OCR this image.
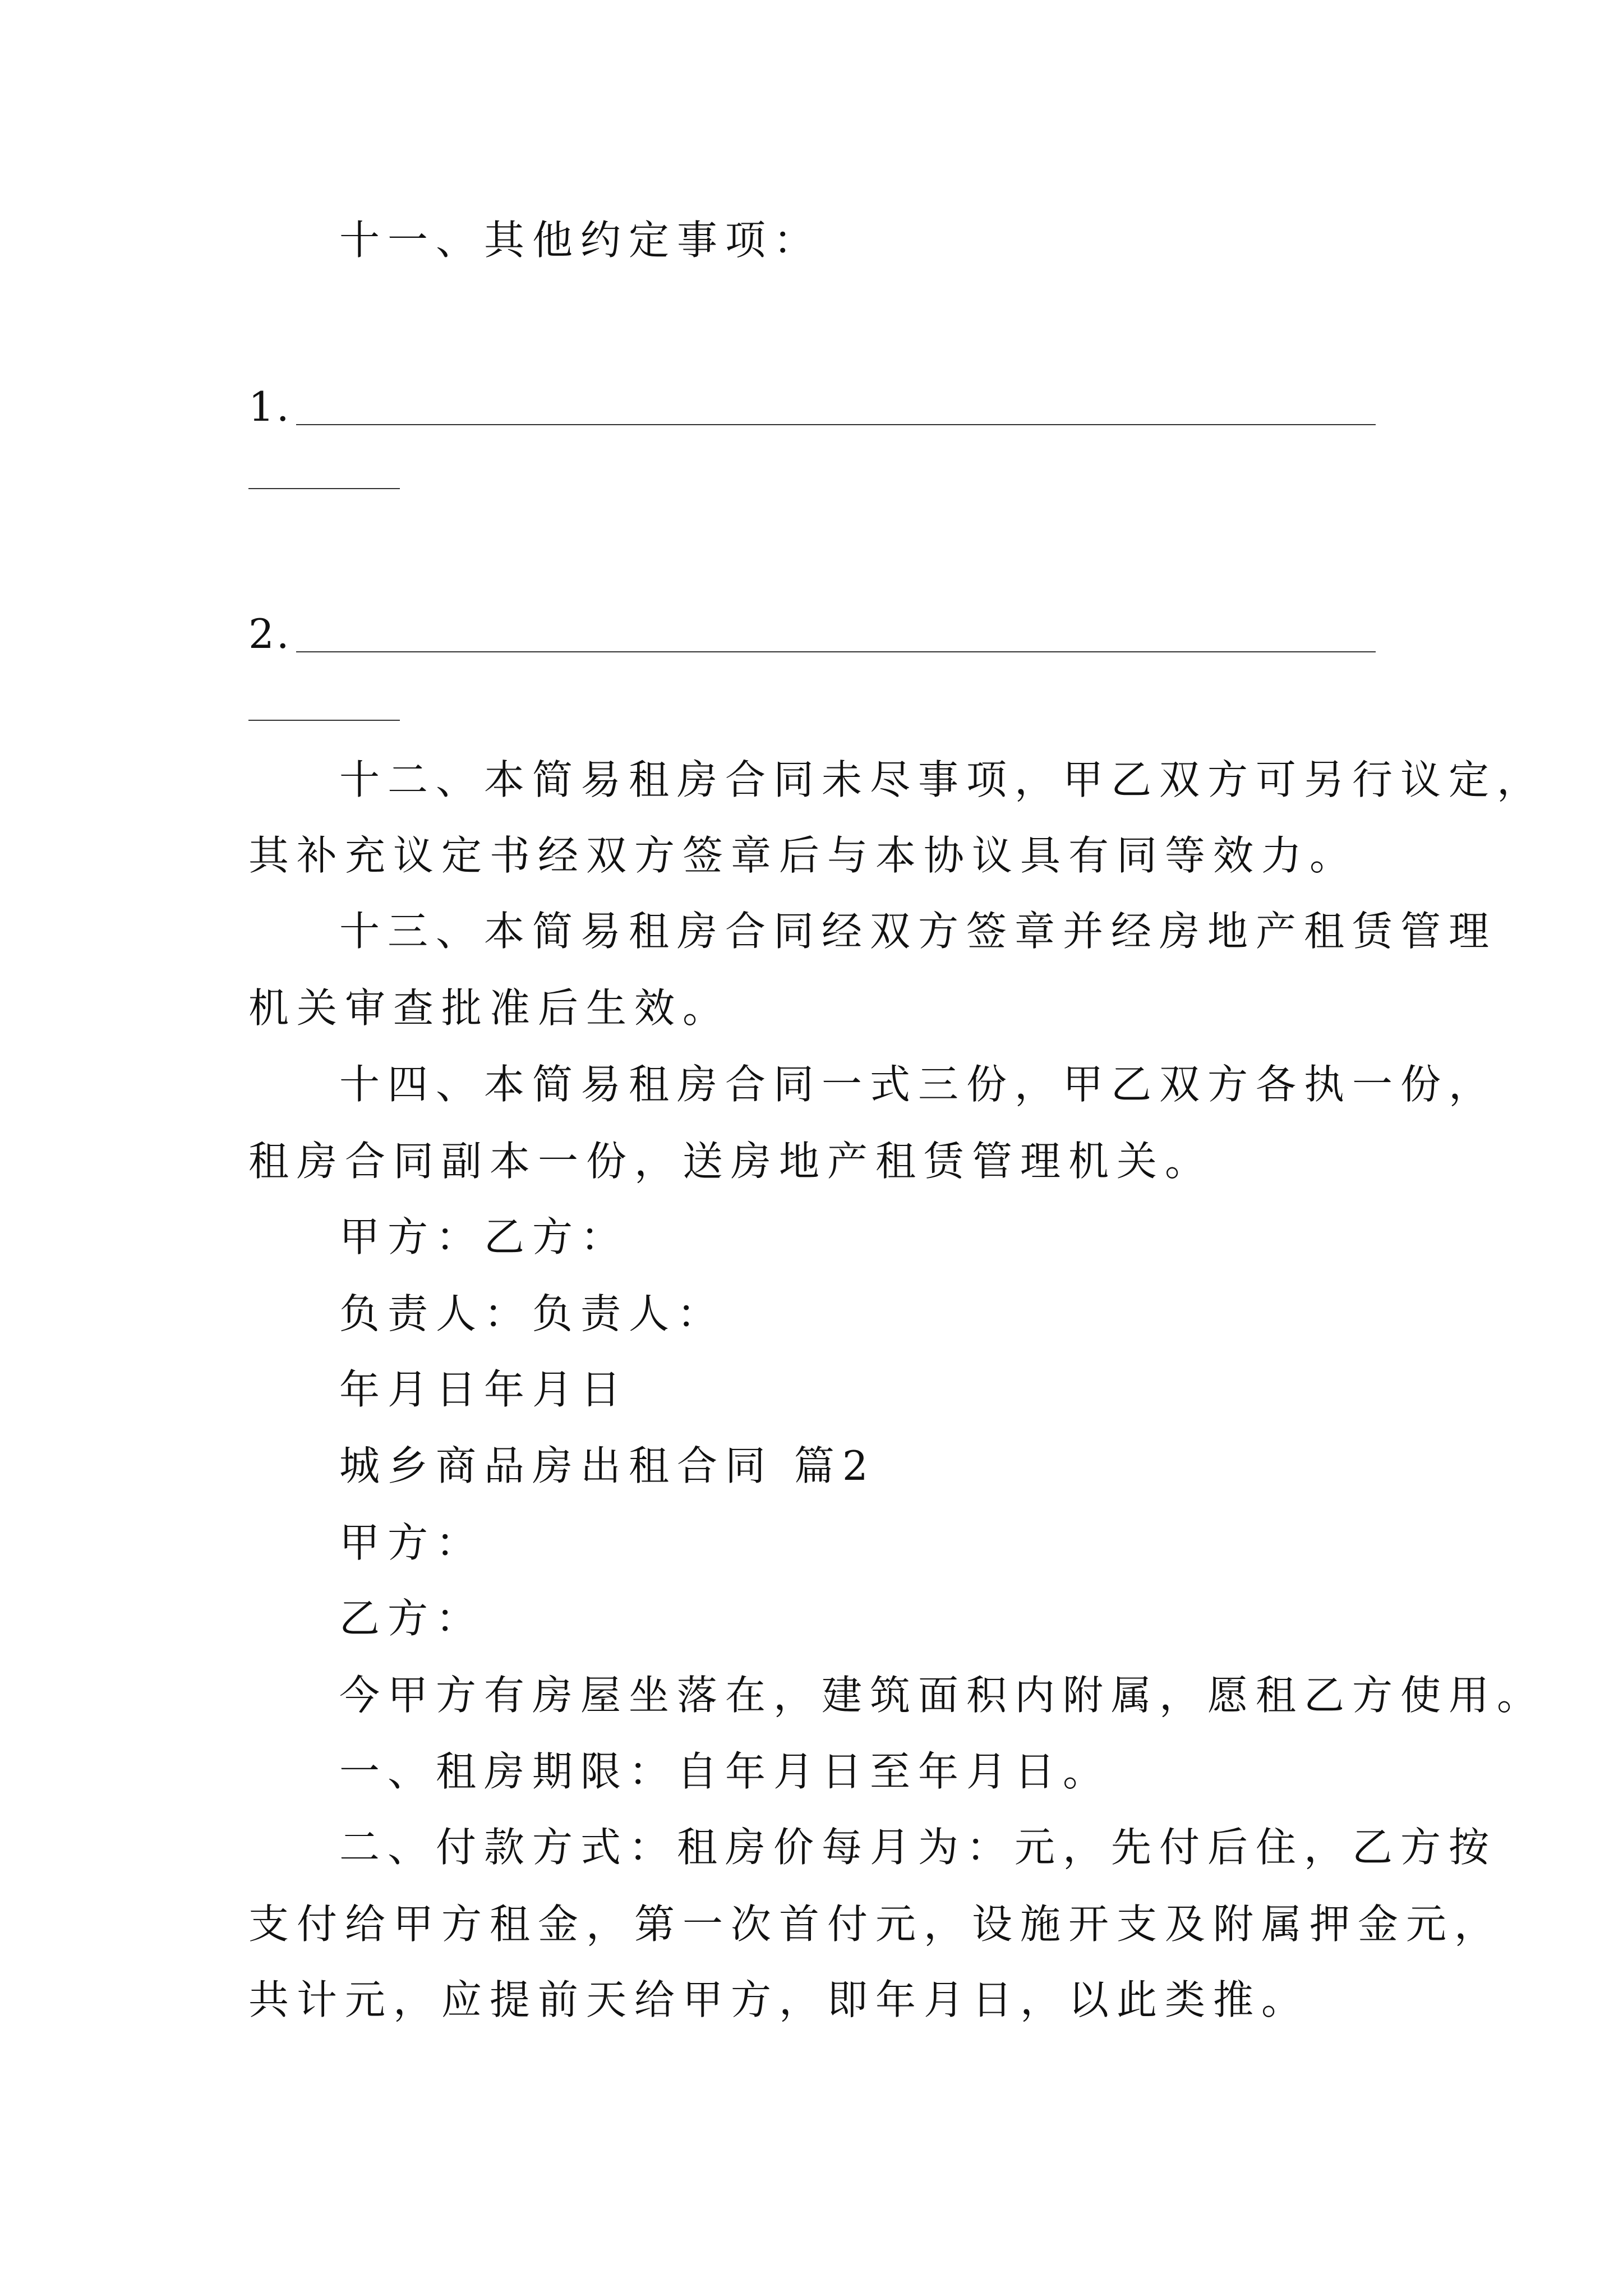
十一、其他约定事项：
1.
2.
十二、本简易租房合同未尽事项，甲乙双方可另行议定，
其补充议定书经双方签章后与本协议具有同等效力。
十三、本简易租房合同经双方签章并经房地产租赁管理
机关审查批准后生效。
十四、本简易租房合同一式三份，甲乙双方各执一份，
租房合同副本一份，送房地产租赁管理机关。
甲方：乙方：
负责人：负责人：
年月日年月日
城乡商品房出租合同 篇2
甲方：
乙方：
今甲方有房屋坐落在，建筑面积内附属，愿租乙方使用。
一、租房期限：自年月日至年月日。
二、付款方式：租房价每月为：元，先付后住，乙方按
支付给甲方租金，第一次首付元，设施开支及附属押金元，
共计元，应提前天给甲方，即年月日，以此类推。
